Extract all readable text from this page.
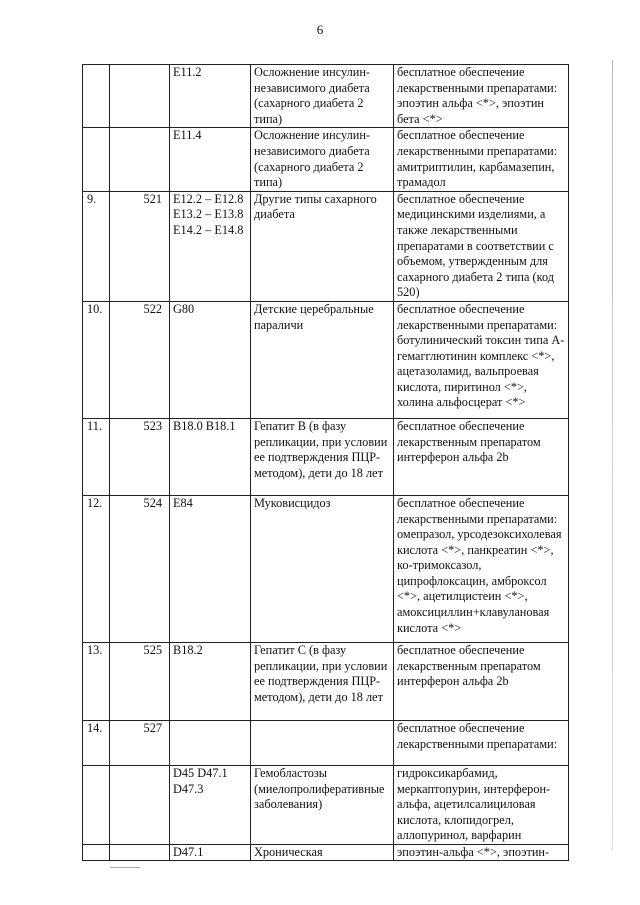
6
		E11.2	Осложнение инсулин-независимого диабета (сахарного диабета 2 типа)	бесплатное обеспечение лекарственными препаратами: эпоэтин альфа <*>, эпоэтин бета <*>
		E11.4	Осложнение инсулин-независимого диабета (сахарного диабета 2 типа)	бесплатное обеспечение лекарственными препаратами: амитриптилин, карбамазепин, трамадол
9.	521	E12.2 – E12.8
E13.2 – E13.8
E14.2 – E14.8	Другие типы сахарного диабета	бесплатное обеспечение медицинскими изделиями, а также лекарственными препаратами в соответствии с объемом, утвержденным для сахарного диабета 2 типа (код 520)
10.	522	G80	Детские церебральные параличи	бесплатное обеспечение лекарственными препаратами: ботулинический токсин типа А-гемагглютинин комплекс <*>, ацетазоламид, вальпроевая кислота, пиритинол <*>, холина альфосцерат <*>
11.	523	B18.0 B18.1	Гепатит В (в фазу репликации, при условии ее подтверждения ПЦР-методом), дети до 18 лет	бесплатное обеспечение лекарственным препаратом интерферон альфа 2b
12.	524	E84	Муковисцидоз	бесплатное обеспечение лекарственными препаратами: омепразол, урсодезоксихолевая кислота <*>, панкреатин <*>, ко-тримоксазол, ципрофлоксацин, амброксол <*>, ацетилцистеин <*>, амоксициллин+клавулановая кислота <*>
13.	525	B18.2	Гепатит С (в фазу репликации, при условии ее подтверждения ПЦР-методом), дети до 18 лет	бесплатное обеспечение лекарственным препаратом интерферон альфа 2b
14.	527			бесплатное обеспечение лекарственными препаратами:
		D45 D47.1
D47.3	Гемобластозы (миелопролиферативные заболевания)	гидроксикарбамид, меркаптопурин, интерферон-альфа, ацетилсалициловая кислота, клопидогрел, аллопуринол, варфарин
		D47.1	Хроническая	эпоэтин-альфа <*>, эпоэтин-
